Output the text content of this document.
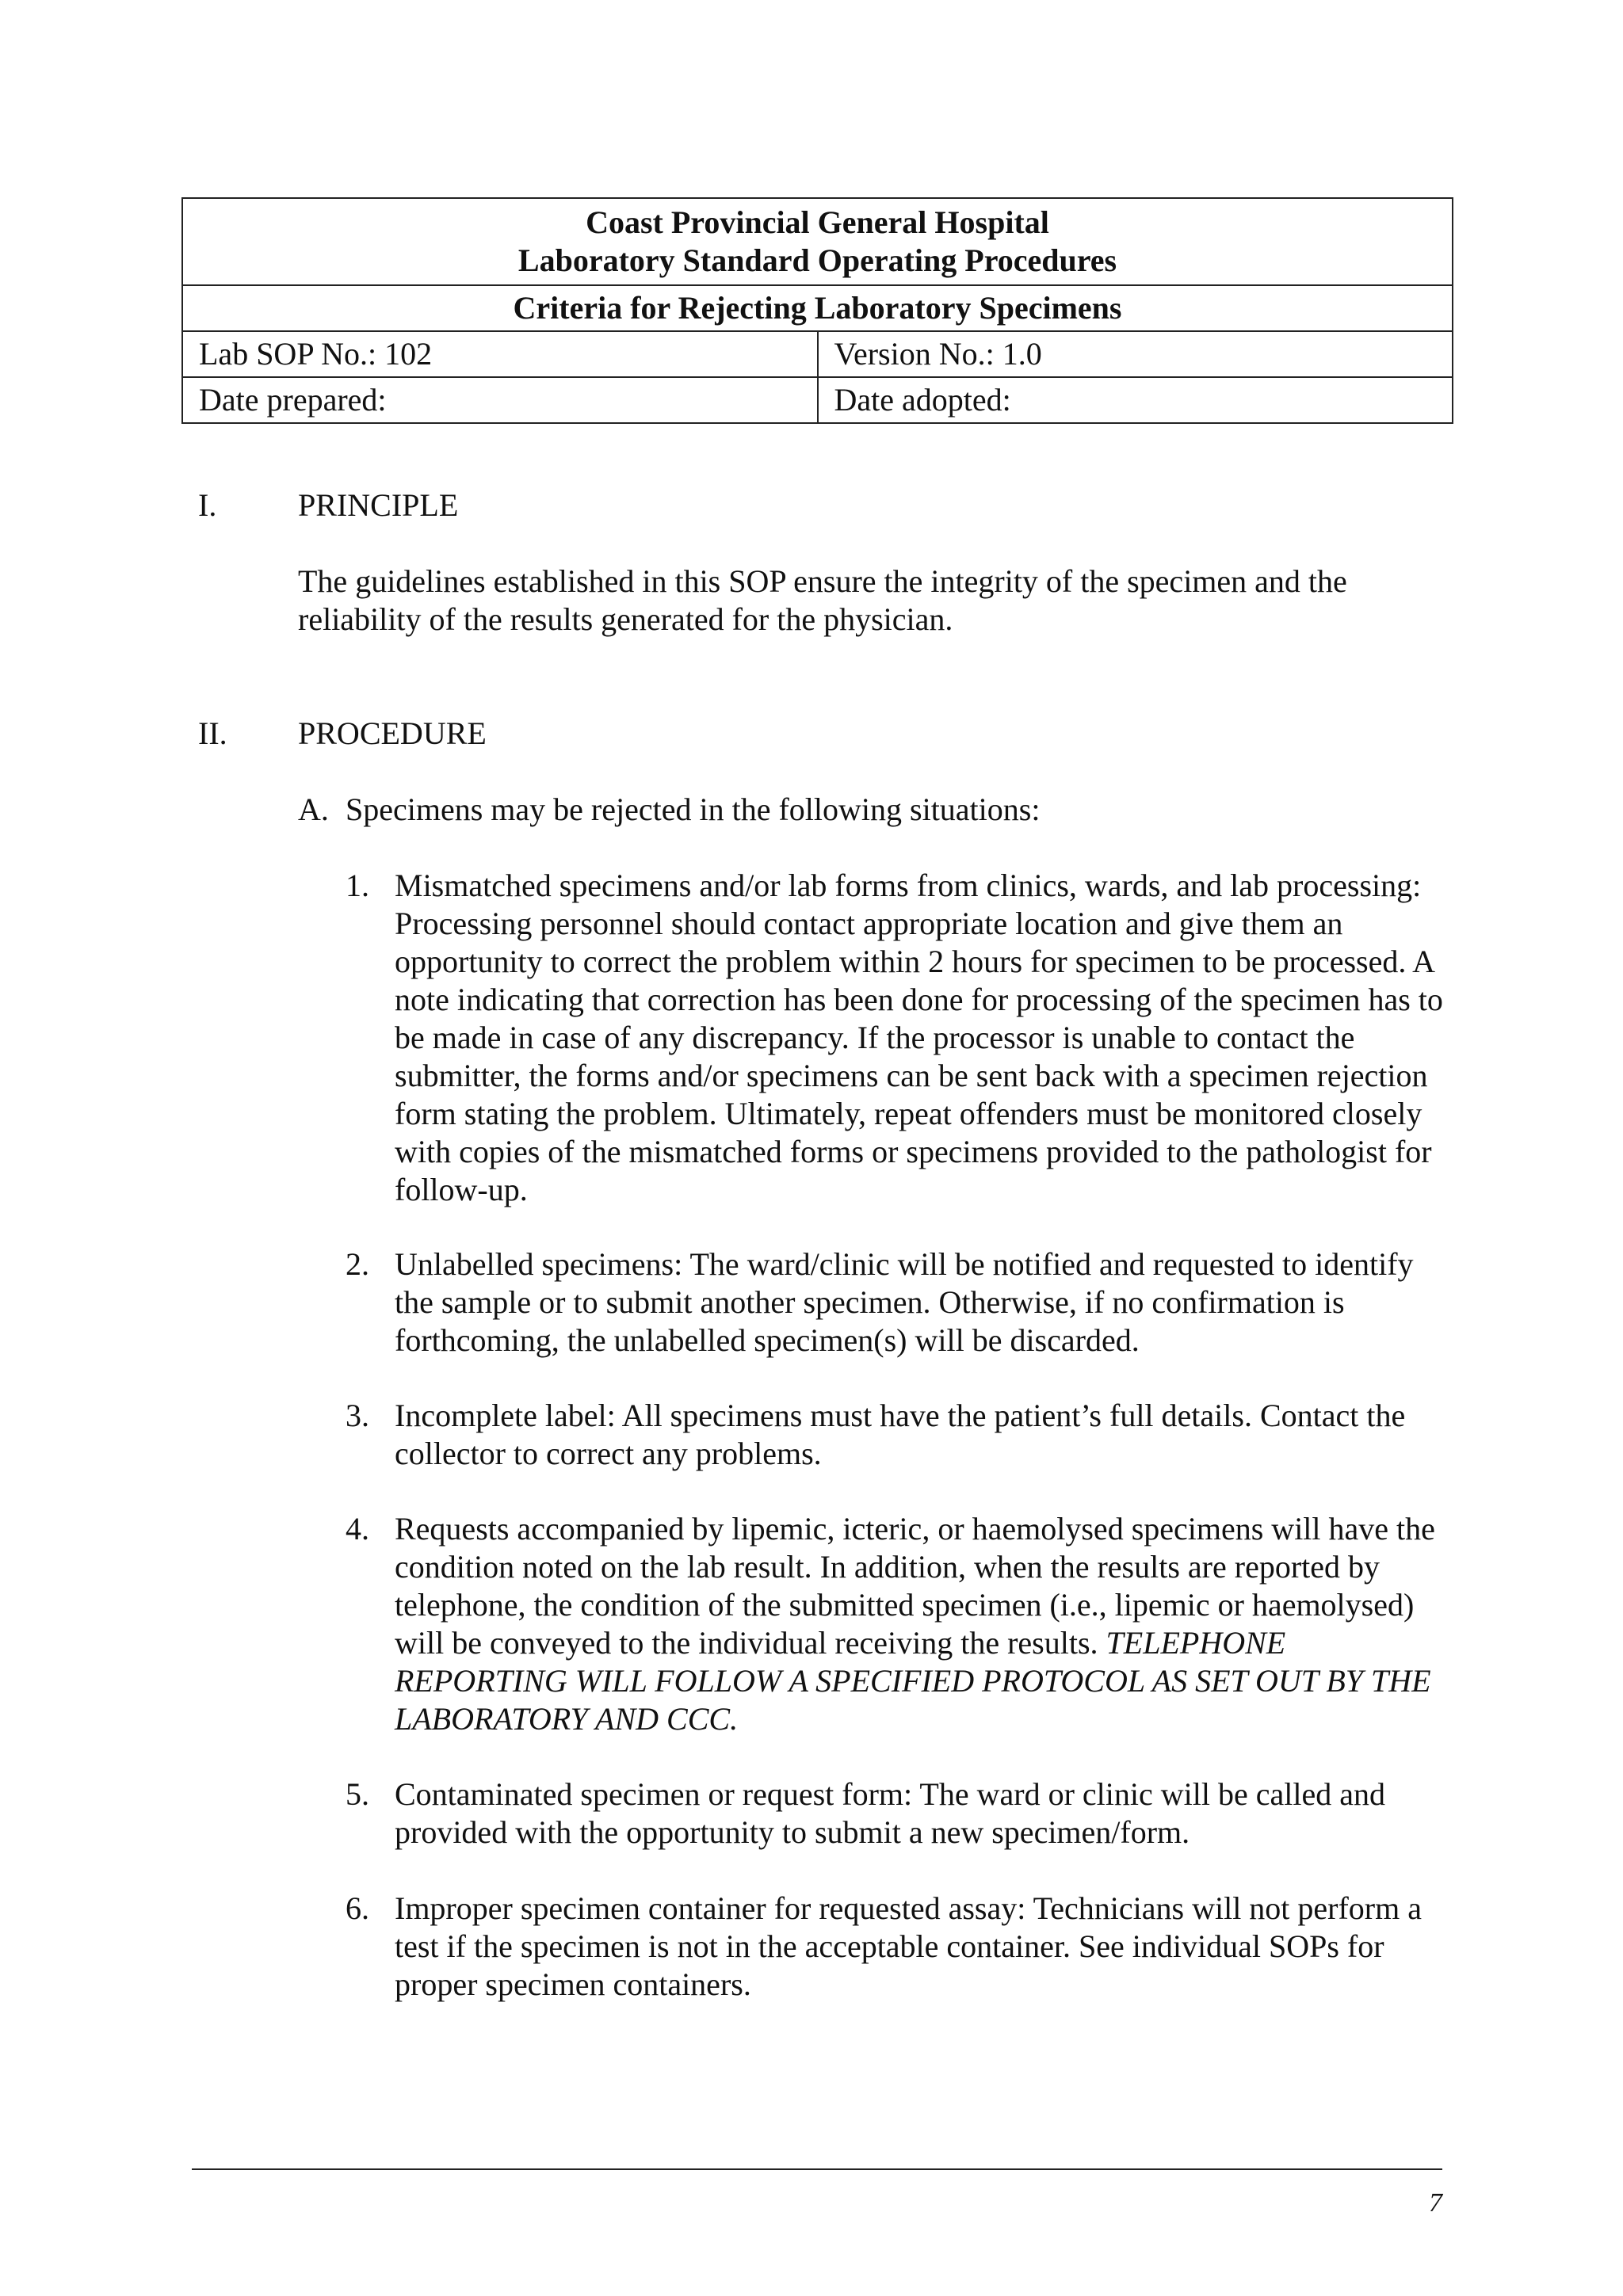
Coast Provincial General Hospital
Laboratory Standard Operating Procedures	

Criteria for Rejecting Laboratory Specimens	
Lab SOP No.: 102	Version No.: 1.0
Date prepared:	Date adopted:
I.	PRINCIPLE
The guidelines established in this SOP ensure the integrity of the specimen and the reliability of the results generated for the physician.
II. PROCEDURE
A. Specimens may be rejected in the following situations:
1. Mismatched specimens and/or lab forms from clinics, wards, and lab processing: Processing personnel should contact appropriate location and give them an opportunity to correct the problem within 2 hours for specimen to be processed. A note indicating that correction has been done for processing of the specimen has to be made in case of any discrepancy. If the processor is unable to contact the submitter, the forms and/or specimens can be sent back with a specimen rejection form stating the problem. Ultimately, repeat offenders must be monitored closely with copies of the mismatched forms or specimens provided to the pathologist for follow-up.
2. Unlabelled specimens: The ward/clinic will be notified and requested to identify the sample or to submit another specimen. Otherwise, if no confirmation is forthcoming, the unlabelled specimen(s) will be discarded.
3. Incomplete label: All specimens must have the patient’s full details. Contact the collector to correct any problems.
4. Requests accompanied by lipemic, icteric, or haemolysed specimens will have the condition noted on the lab result. In addition, when the results are reported by telephone, the condition of the submitted specimen (i.e., lipemic or haemolysed) will be conveyed to the individual receiving the results. TELEPHONE REPORTING WILL FOLLOW A SPECIFIED PROTOCOL AS SET OUT BY THE LABORATORY AND CCC.
5. Contaminated specimen or request form: The ward or clinic will be called and provided with the opportunity to submit a new specimen/form.
6. Improper specimen container for requested assay: Technicians will not perform a test if the specimen is not in the acceptable container. See individual SOPs for proper specimen containers.
7
